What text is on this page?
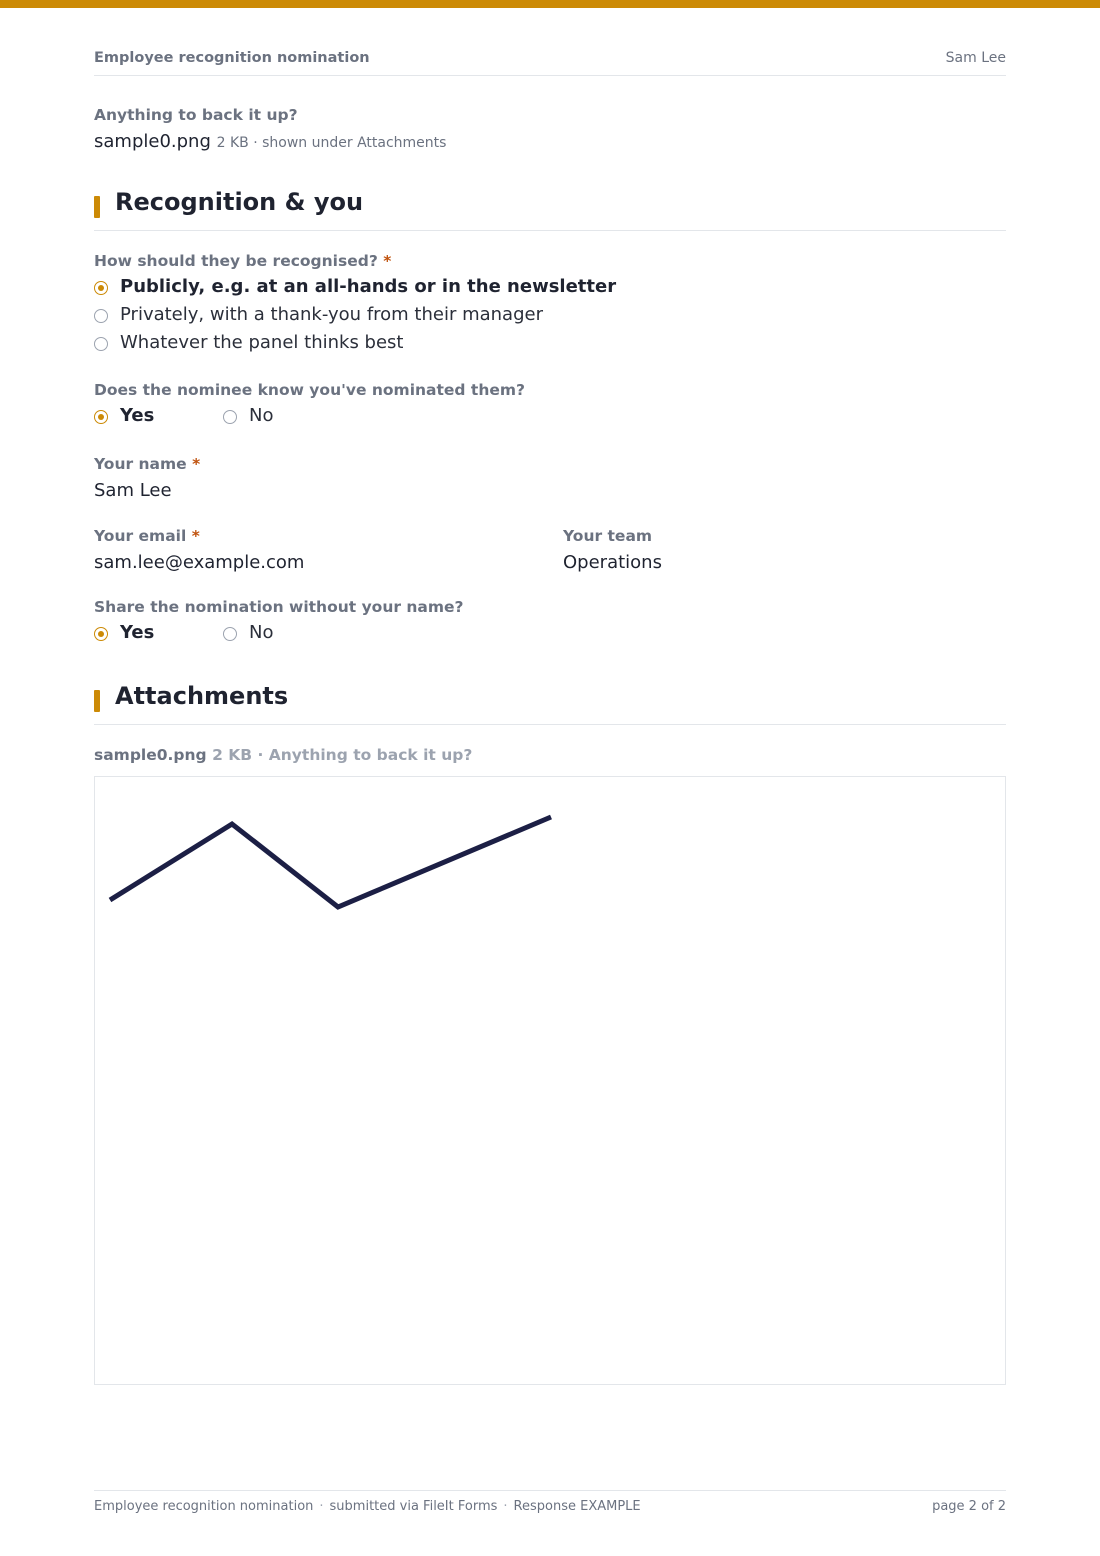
Employee recognition nomination	Sam Lee
Anything to back it up?
sample0.png 2 KB · shown under Attachments
Recognition & you
How should they be recognised? *
Publicly, e.g. at an all-hands or in the newsletter
Privately, with a thank-you from their manager
Whatever the panel thinks best
Does the nominee know you've nominated them?
Yes	No
Your name *
Sam Lee
Your email *
sam.lee@example.com
Your team
Operations
Share the nomination without your name?
Yes	No
Attachments
sample0.png 2 KB · Anything to back it up?
Employee recognition nomination · submitted via FileIt Forms · Response EXAMPLE	page 2 of 2
